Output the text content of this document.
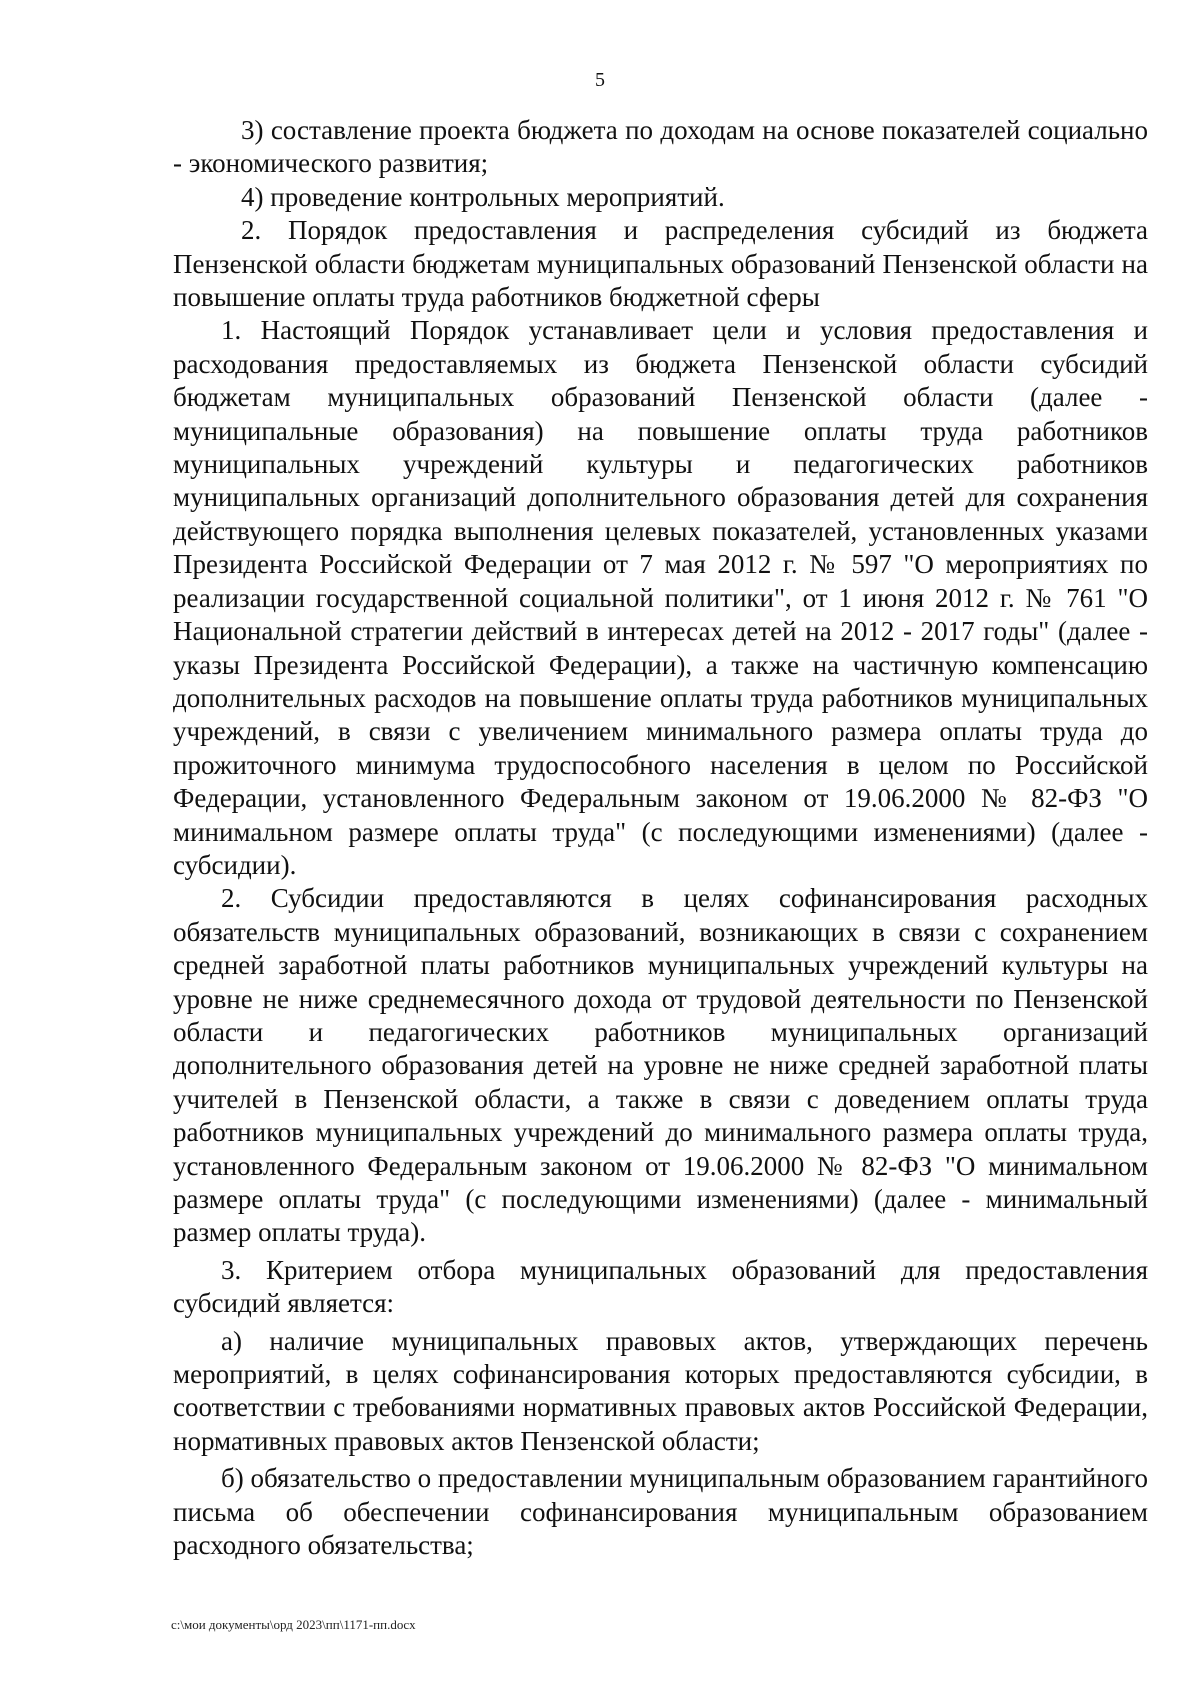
5

3) составление проекта бюджета по доходам на основе показателей социально - экономического развития;

4) проведение контрольных мероприятий.

2. Порядок предоставления и распределения субсидий из бюджета Пензенской области бюджетам муниципальных образований Пензенской области на повышение оплаты труда работников бюджетной сферы

1. Настоящий Порядок устанавливает цели и условия предоставления и расходования предоставляемых из бюджета Пензенской области субсидий бюджетам муниципальных образований Пензенской области (далее - муниципальные образования) на повышение оплаты труда работников муниципальных учреждений культуры и педагогических работников муниципальных организаций дополнительного образования детей для сохранения действующего порядка выполнения целевых показателей, установленных указами Президента Российской Федерации от 7 мая 2012 г. № 597 "О мероприятиях по реализации государственной социальной политики", от 1 июня 2012 г. № 761 "О Национальной стратегии действий в интересах детей на 2012 - 2017 годы" (далее - указы Президента Российской Федерации), а также на частичную компенсацию дополнительных расходов на повышение оплаты труда работников муниципальных учреждений, в связи с увеличением минимального размера оплаты труда до прожиточного минимума трудоспособного населения в целом по Российской Федерации, установленного Федеральным законом от 19.06.2000 № 82-ФЗ "О минимальном размере оплаты труда" (с последующими изменениями) (далее - субсидии).

2. Субсидии предоставляются в целях софинансирования расходных обязательств муниципальных образований, возникающих в связи с сохранением средней заработной платы работников муниципальных учреждений культуры на уровне не ниже среднемесячного дохода от трудовой деятельности по Пензенской области и педагогических работников муниципальных организаций дополнительного образования детей на уровне не ниже средней заработной платы учителей в Пензенской области, а также в связи с доведением оплаты труда работников муниципальных учреждений до минимального размера оплаты труда, установленного Федеральным законом от 19.06.2000 № 82-ФЗ "О минимальном размере оплаты труда" (с последующими изменениями) (далее - минимальный размер оплаты труда).

3. Критерием отбора муниципальных образований для предоставления субсидий является:

а) наличие муниципальных правовых актов, утверждающих перечень мероприятий, в целях софинансирования которых предоставляются субсидии, в соответствии с требованиями нормативных правовых актов Российской Федерации, нормативных правовых актов Пензенской области;

б) обязательство о предоставлении муниципальным образованием гарантийного письма об обеспечении софинансирования муниципальным образованием расходного обязательства;

c:\мои документы\орд 2023\пп\1171-пп.docx
